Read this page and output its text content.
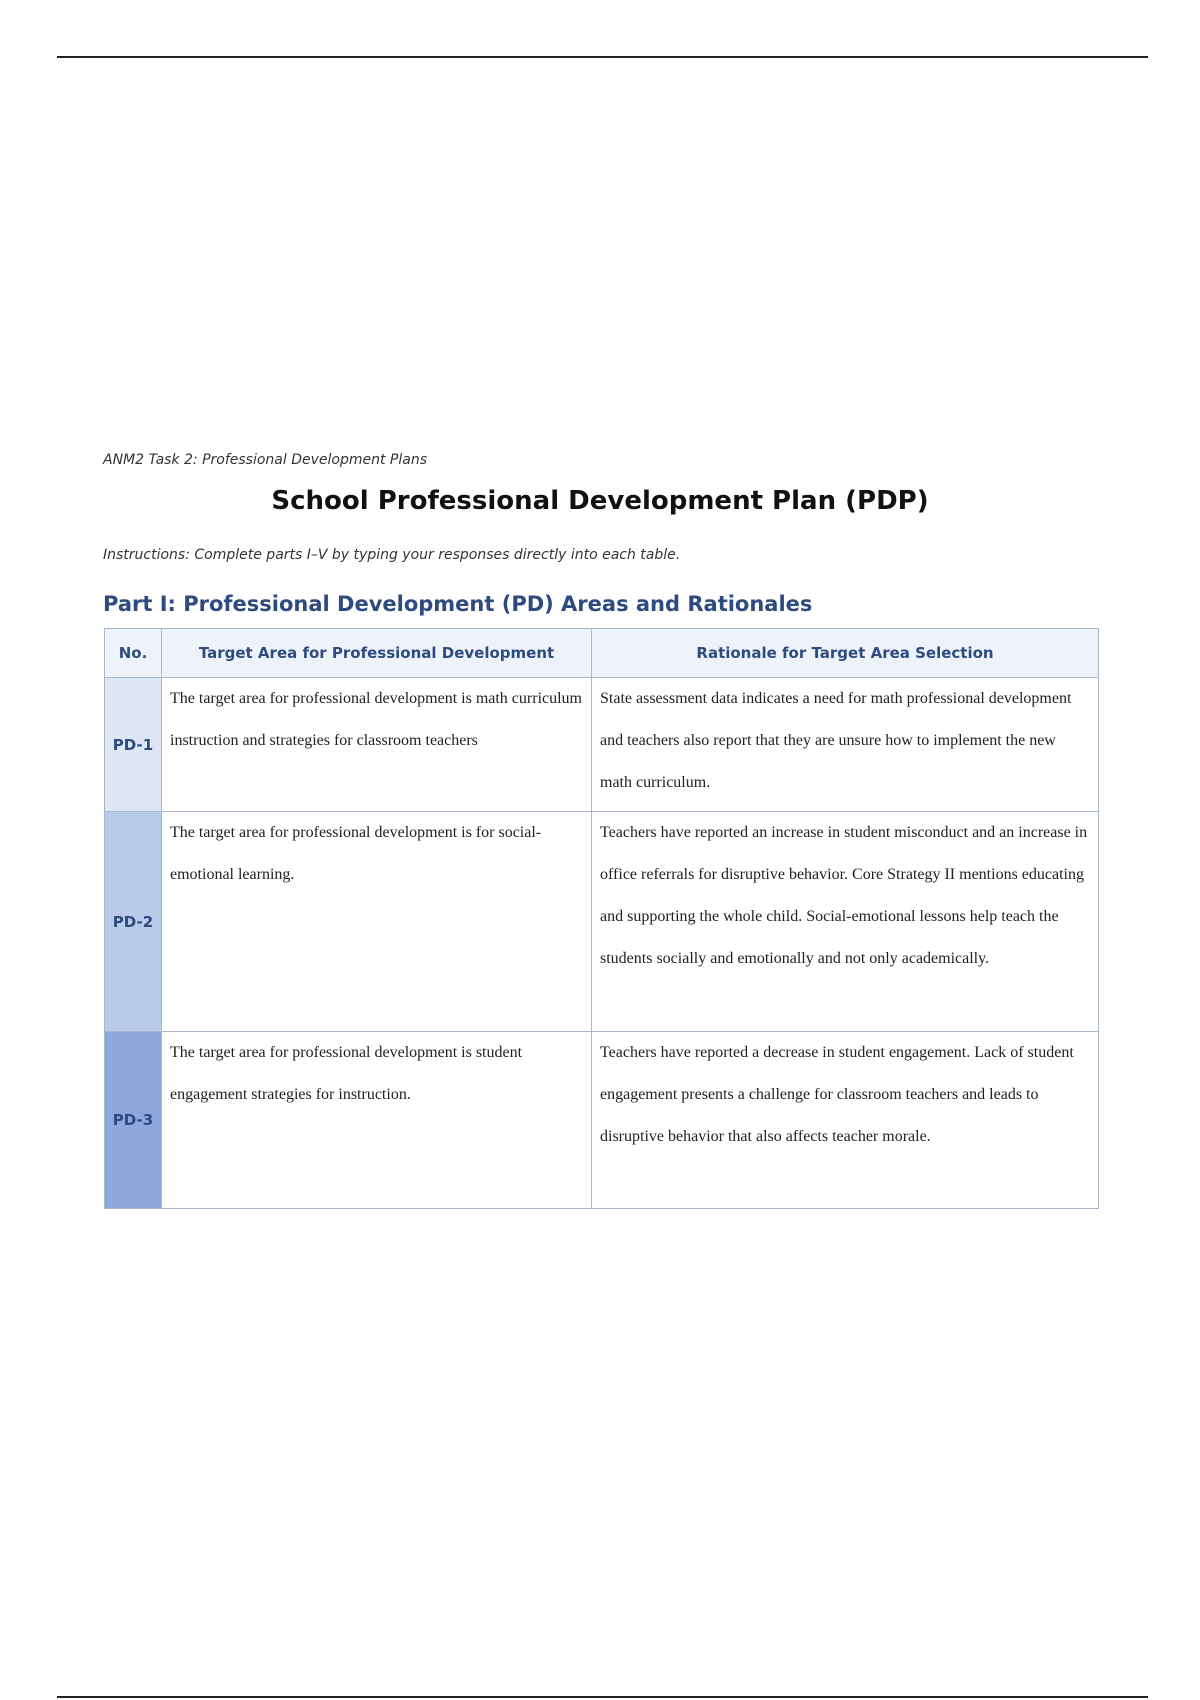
ANM2 Task 2: Professional Development Plans
School Professional Development Plan (PDP)
Instructions: Complete parts I–V by typing your responses directly into each table.
Part I: Professional Development (PD) Areas and Rationales
No.	Target Area for Professional Development	Rationale for Target Area Selection
PD-1	The target area for professional development is math curriculum instruction and strategies for classroom teachers	State assessment data indicates a need for math professional development and teachers also report that they are unsure how to implement the new math curriculum.
PD-2	The target area for professional development is for social-emotional learning.	Teachers have reported an increase in student misconduct and an increase in office referrals for disruptive behavior. Core Strategy II mentions educating and supporting the whole child. Social-emotional lessons help teach the students socially and emotionally and not only academically.
PD-3	The target area for professional development is student engagement strategies for instruction.	Teachers have reported a decrease in student engagement. Lack of student engagement presents a challenge for classroom teachers and leads to disruptive behavior that also affects teacher morale.
